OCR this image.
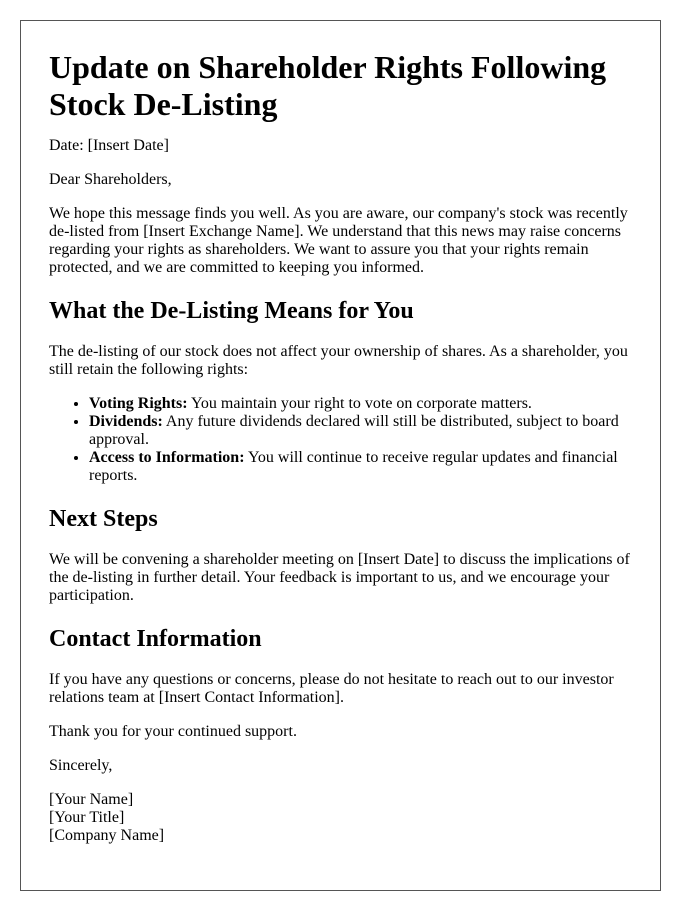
Update on Shareholder Rights Following Stock De-Listing

Date: [Insert Date]

Dear Shareholders,

We hope this message finds you well. As you are aware, our company's stock was recently de-listed from [Insert Exchange Name]. We understand that this news may raise concerns regarding your rights as shareholders. We want to assure you that your rights remain protected, and we are committed to keeping you informed.

What the De-Listing Means for You

The de-listing of our stock does not affect your ownership of shares. As a shareholder, you still retain the following rights:

• Voting Rights: You maintain your right to vote on corporate matters.
• Dividends: Any future dividends declared will still be distributed, subject to board approval.
• Access to Information: You will continue to receive regular updates and financial reports.
Next Steps

We will be convening a shareholder meeting on [Insert Date] to discuss the implications of the de-listing in further detail. Your feedback is important to us, and we encourage your participation.

Contact Information

If you have any questions or concerns, please do not hesitate to reach out to our investor relations team at [Insert Contact Information].

Thank you for your continued support.

Sincerely,

[Your Name]
[Your Title]
[Company Name]
